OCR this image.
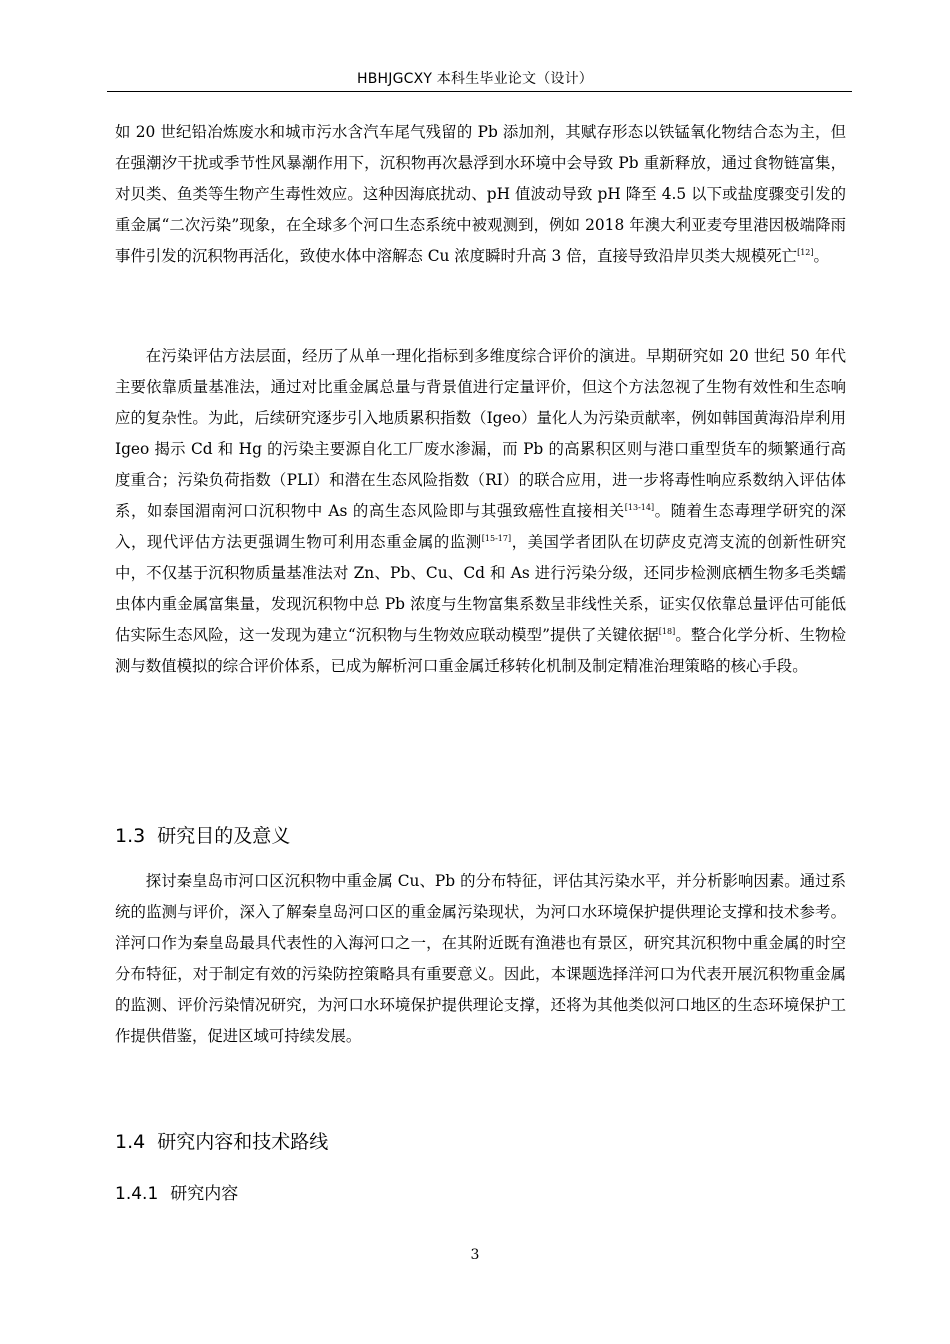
HBHJGCXY 本科生毕业论文（设计）

如 20 世纪铅冶炼废水和城市污水含汽车尾气残留的 Pb 添加剂，其赋存形态以铁锰氧化物结合态为主，但在强潮汐干扰或季节性风暴潮作用下，沉积物再次悬浮到水环境中会导致 Pb 重新释放，通过食物链富集，对贝类、鱼类等生物产生毒性效应。这种因海底扰动、pH 值波动导致 pH 降至 4.5 以下或盐度骤变引发的重金属“二次污染”现象，在全球多个河口生态系统中被观测到，例如 2018 年澳大利亚麦夸里港因极端降雨事件引发的沉积物再活化，致使水体中溶解态 Cu 浓度瞬时升高 3 倍，直接导致沿岸贝类大规模死亡[12]。

在污染评估方法层面，经历了从单一理化指标到多维度综合评价的演进。早期研究如 20 世纪 50 年代主要依靠质量基准法，通过对比重金属总量与背景值进行定量评价，但这个方法忽视了生物有效性和生态响应的复杂性。为此，后续研究逐步引入地质累积指数（Igeo）量化人为污染贡献率，例如韩国黄海沿岸利用 Igeo 揭示 Cd 和 Hg 的污染主要源自化工厂废水渗漏，而 Pb 的高累积区则与港口重型货车的频繁通行高度重合；污染负荷指数（PLI）和潜在生态风险指数（RI）的联合应用，进一步将毒性响应系数纳入评估体系，如泰国湄南河口沉积物中 As 的高生态风险即与其强致癌性直接相关[13-14]。随着生态毒理学研究的深入，现代评估方法更强调生物可利用态重金属的监测[15-17]，美国学者团队在切萨皮克湾支流的创新性研究中，不仅基于沉积物质量基准法对 Zn、Pb、Cu、Cd 和 As 进行污染分级，还同步检测底栖生物多毛类蠕虫体内重金属富集量，发现沉积物中总 Pb 浓度与生物富集系数呈非线性关系，证实仅依靠总量评估可能低估实际生态风险，这一发现为建立“沉积物与生物效应联动模型”提供了关键依据[18]。整合化学分析、生物检测与数值模拟的综合评价体系，已成为解析河口重金属迁移转化机制及制定精准治理策略的核心手段。

1.3 研究目的及意义

探讨秦皇岛市河口区沉积物中重金属 Cu、Pb 的分布特征，评估其污染水平，并分析影响因素。通过系统的监测与评价，深入了解秦皇岛河口区的重金属污染现状，为河口水环境保护提供理论支撑和技术参考。洋河口作为秦皇岛最具代表性的入海河口之一，在其附近既有渔港也有景区，研究其沉积物中重金属的时空分布特征，对于制定有效的污染防控策略具有重要意义。因此，本课题选择洋河口为代表开展沉积物重金属的监测、评价污染情况研究，为河口水环境保护提供理论支撑，还将为其他类似河口地区的生态环境保护工作提供借鉴，促进区域可持续发展。

1.4 研究内容和技术路线
1.4.1 研究内容
3
